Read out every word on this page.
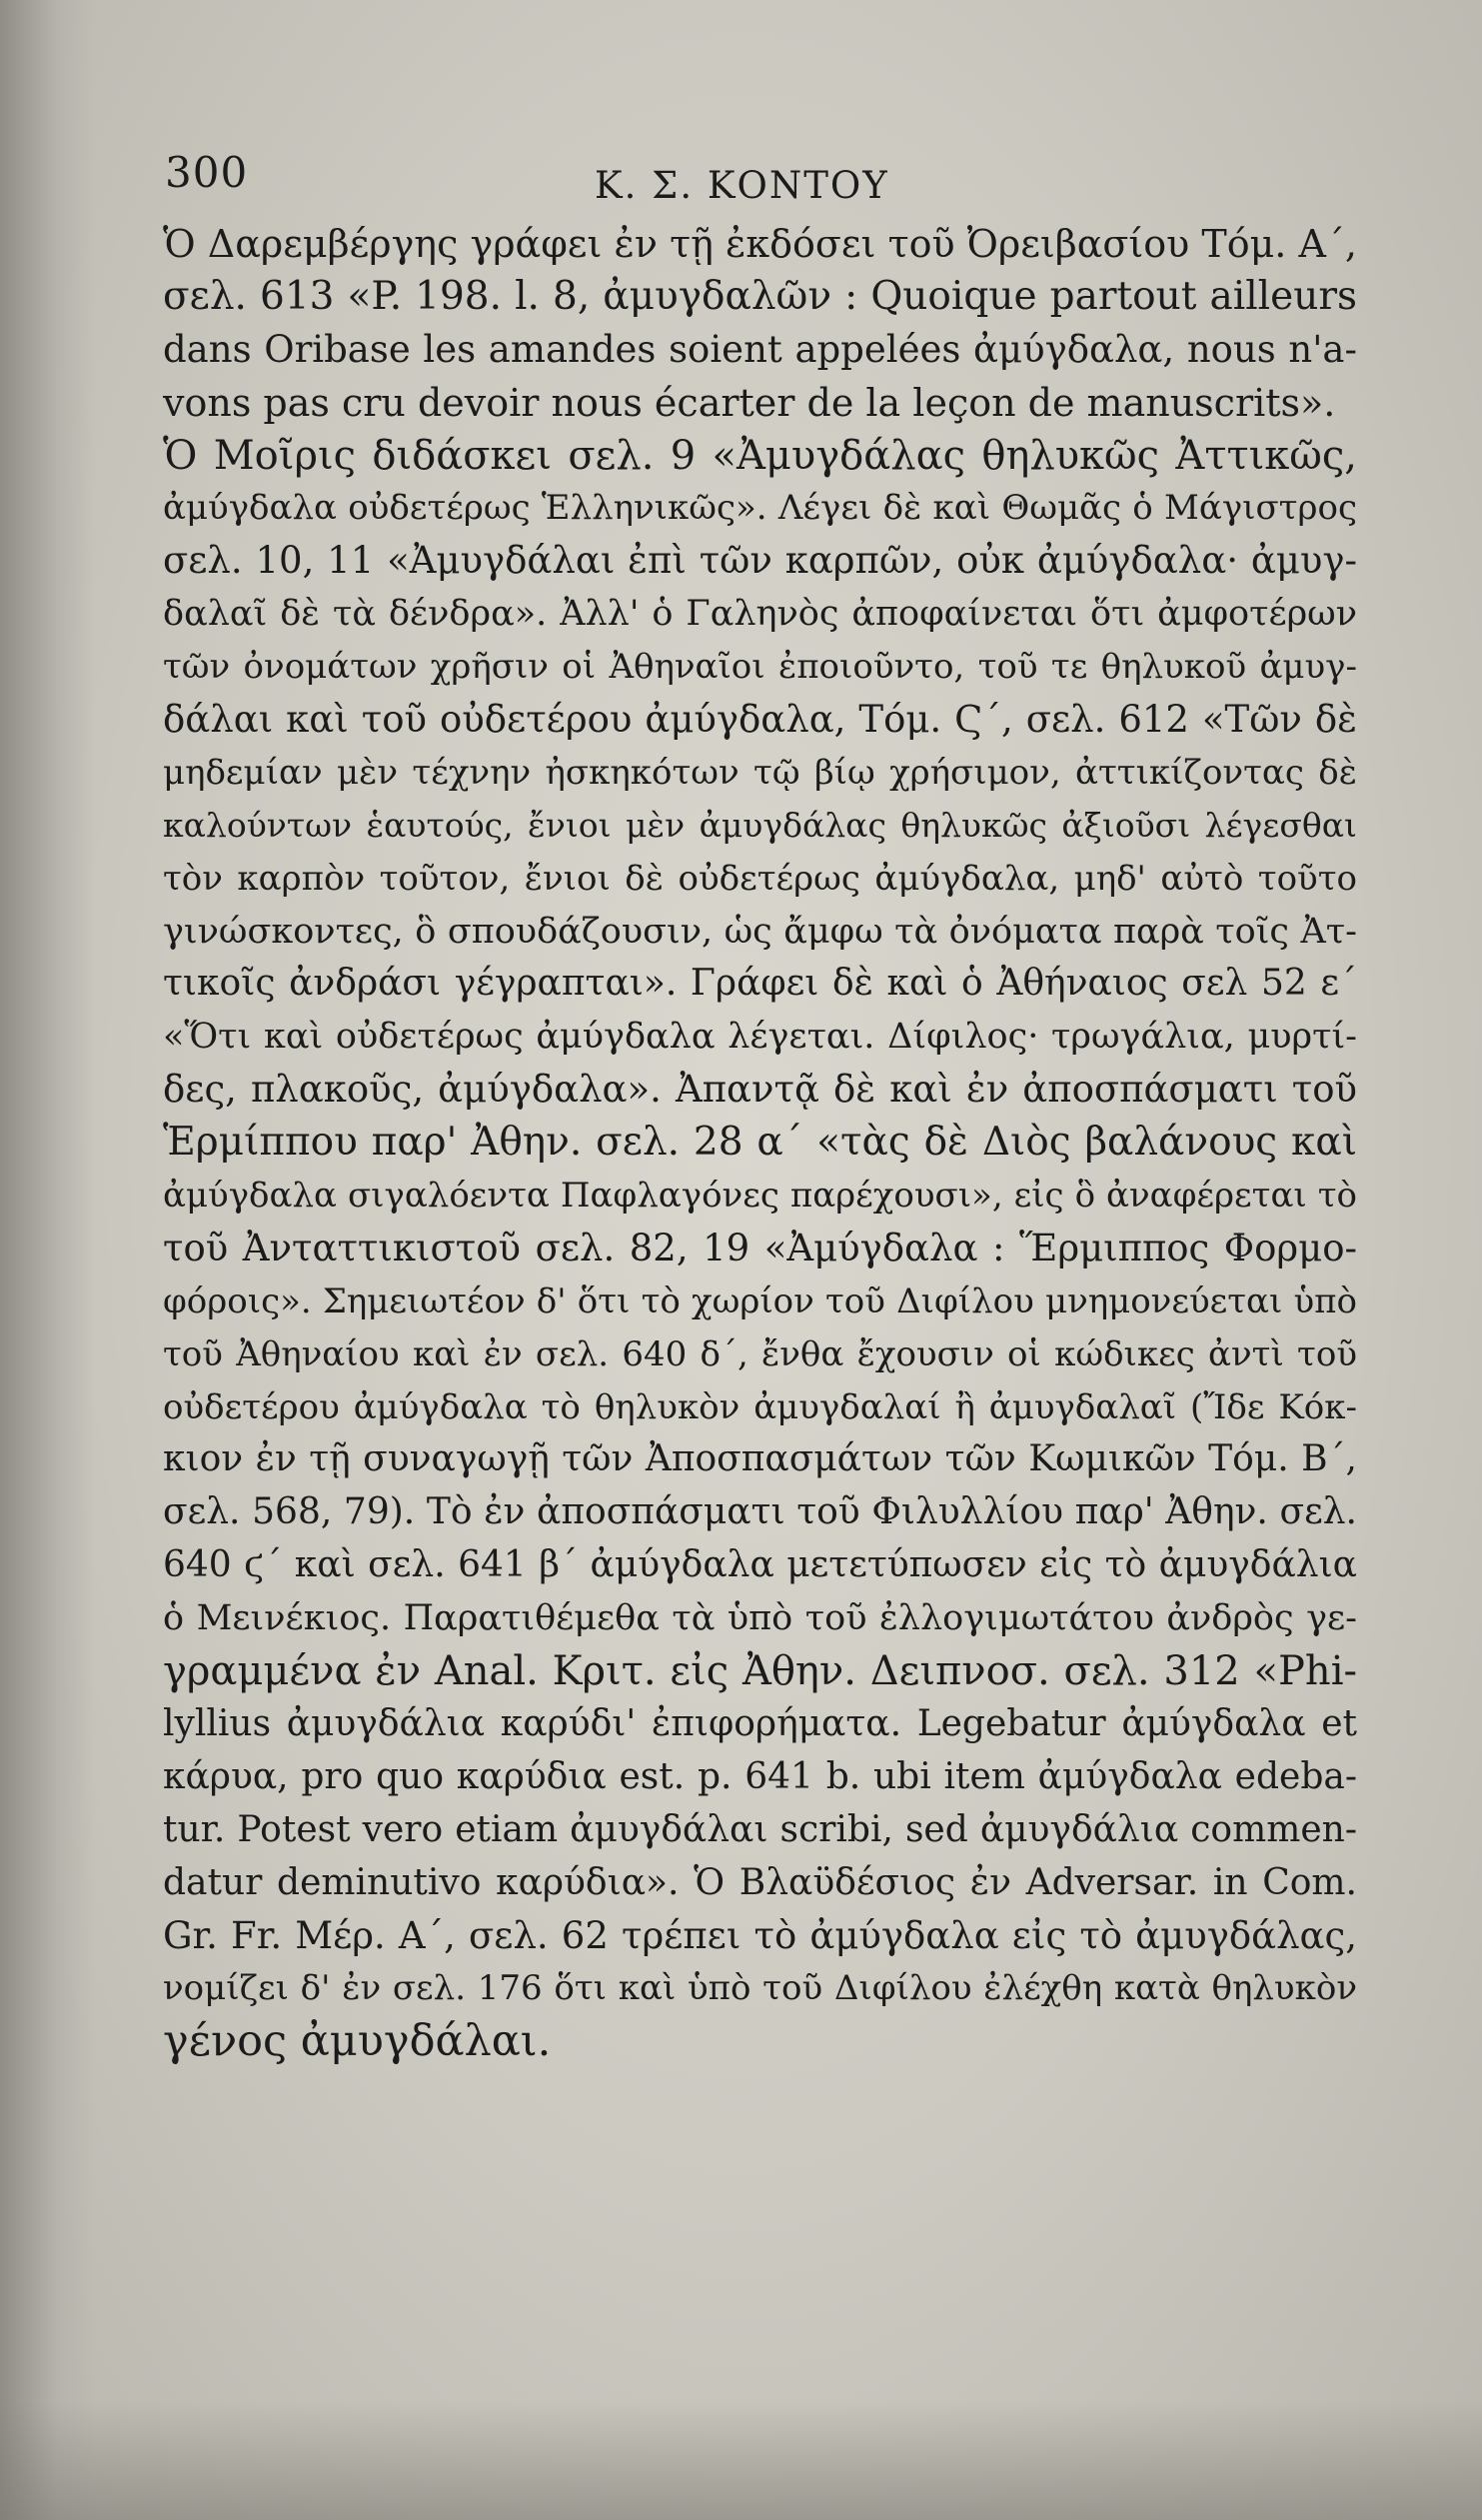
300	Κ. Σ. ΚΟΝΤΟΥ
Ὁ Δαρεμβέργης γράφει ἐν τῇ ἐκδόσει τοῦ Ὀρειβασίου Τόμ. Α΄,
σελ. 613 «P. 198. l. 8, ἀμυγδαλῶν : Quoique partout ailleurs
dans Oribase les amandes soient appelées ἀμύγδαλα, nous n'a-
vons pas cru devoir nous écarter de la leçon de manuscrits».
Ὁ Μοῖρις διδάσκει σελ. 9 «Ἀμυγδάλας θηλυκῶς Ἀττικῶς,
ἀμύγδαλα οὐδετέρως Ἑλληνικῶς». Λέγει δὲ καὶ Θωμᾶς ὁ Μάγιστρος
σελ. 10, 11 «Ἀμυγδάλαι ἐπὶ τῶν καρπῶν, οὐκ ἀμύγδαλα· ἀμυγ-
δαλαῖ δὲ τὰ δένδρα». Ἀλλ' ὁ Γαληνὸς ἀποφαίνεται ὅτι ἀμφοτέρων
τῶν ὀνομάτων χρῆσιν οἱ Ἀθηναῖοι ἐποιοῦντο, τοῦ τε θηλυκοῦ ἀμυγ-
δάλαι καὶ τοῦ οὐδετέρου ἀμύγδαλα, Τόμ. Ϛ΄, σελ. 612 «Τῶν δὲ
μηδεμίαν μὲν τέχνην ἠσκηκότων τῷ βίῳ χρήσιμον, ἀττικίζοντας δὲ
καλούντων ἑαυτούς, ἔνιοι μὲν ἀμυγδάλας θηλυκῶς ἀξιοῦσι λέγεσθαι
τὸν καρπὸν τοῦτον, ἔνιοι δὲ οὐδετέρως ἀμύγδαλα, μηδ' αὐτὸ τοῦτο
γινώσκοντες, ὃ σπουδάζουσιν, ὡς ἄμφω τὰ ὀνόματα παρὰ τοῖς Ἀτ-
τικοῖς ἀνδράσι γέγραπται». Γράφει δὲ καὶ ὁ Ἀθήναιος σελ 52 ε΄
«Ὅτι καὶ οὐδετέρως ἀμύγδαλα λέγεται. Δίφιλος· τρωγάλια, μυρτί-
δες, πλακοῦς, ἀμύγδαλα». Ἀπαντᾷ δὲ καὶ ἐν ἀποσπάσματι τοῦ
Ἑρμίππου παρ' Ἀθην. σελ. 28 α΄ «τὰς δὲ Διὸς βαλάνους καὶ
ἀμύγδαλα σιγαλόεντα Παφλαγόνες παρέχουσι», εἰς ὃ ἀναφέρεται τὸ
τοῦ Ἀνταττικιστοῦ σελ. 82, 19 «Ἀμύγδαλα : Ἕρμιππος Φορμο-
φόροις». Σημειωτέον δ' ὅτι τὸ χωρίον τοῦ Διφίλου μνημονεύεται ὑπὸ
τοῦ Ἀθηναίου καὶ ἐν σελ. 640 δ΄, ἔνθα ἔχουσιν οἱ κώδικες ἀντὶ τοῦ
οὐδετέρου ἀμύγδαλα τὸ θηλυκὸν ἀμυγδαλαί ἢ ἀμυγδαλαῖ (Ἴδε Κόκ-
κιον ἐν τῇ συναγωγῇ τῶν Ἀποσπασμάτων τῶν Κωμικῶν Τόμ. Β΄,
σελ. 568, 79). Τὸ ἐν ἀποσπάσματι τοῦ Φιλυλλίου παρ' Ἀθην. σελ.
640 ϛ΄ καὶ σελ. 641 β΄ ἀμύγδαλα μετετύπωσεν εἰς τὸ ἀμυγδάλια
ὁ Μεινέκιος. Παρατιθέμεθα τὰ ὑπὸ τοῦ ἐλλογιμωτάτου ἀνδρὸς γε-
γραμμένα ἐν Anal. Κριτ. εἰς Ἀθην. Δειπνοσ. σελ. 312 «Phi-
lyllius ἀμυγδάλια καρύδι' ἐπιφορήματα. Legebatur ἀμύγδαλα et
κάρυα, pro quo καρύδια est. p. 641 b. ubi item ἀμύγδαλα edeba-
tur. Potest vero etiam ἀμυγδάλαι scribi, sed ἀμυγδάλια commen-
datur deminutivo καρύδια». Ὁ Βλαϋδέσιος ἐν Adversar. in Com.
Gr. Fr. Μέρ. Α΄, σελ. 62 τρέπει τὸ ἀμύγδαλα εἰς τὸ ἀμυγδάλας,
νομίζει δ' ἐν σελ. 176 ὅτι καὶ ὑπὸ τοῦ Διφίλου ἐλέχθη κατὰ θηλυκὸν
γένος ἀμυγδάλαι.
